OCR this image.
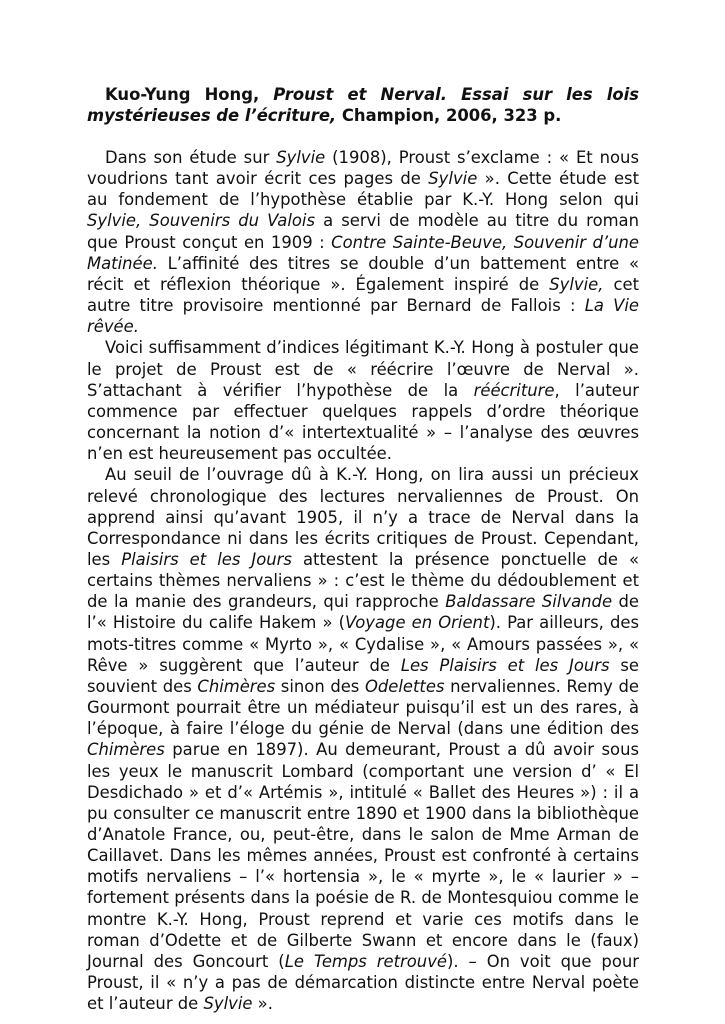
Kuo-Yung Hong, Proust et Nerval. Essai sur les lois mystérieuses de l’écriture, Champion, 2006, 323 p.

Dans son étude sur Sylvie (1908), Proust s’exclame : « Et nous voudrions tant avoir écrit ces pages de Sylvie ». Cette étude est au fondement de l’hypothèse établie par K.-Y. Hong selon qui Sylvie, Souvenirs du Valois a servi de modèle au titre du roman que Proust conçut en 1909 : Contre Sainte-Beuve, Souvenir d’une Matinée. L’affinité des titres se double d’un battement entre « récit et réflexion théorique ». Également inspiré de Sylvie, cet autre titre provisoire mentionné par Bernard de Fallois : La Vie rêvée.

Voici suffisamment d’indices légitimant K.-Y. Hong à postuler que le projet de Proust est de « réécrire l’œuvre de Nerval ». S’attachant à vérifier l’hypothèse de la réécriture, l’auteur commence par effectuer quelques rappels d’ordre théorique concernant la notion d’« intertextualité » – l’analyse des œuvres n’en est heureusement pas occultée.

Au seuil de l’ouvrage dû à K.-Y. Hong, on lira aussi un précieux relevé chronologique des lectures nervaliennes de Proust. On apprend ainsi qu’avant 1905, il n’y a trace de Nerval dans la Correspondance ni dans les écrits critiques de Proust. Cependant, les Plaisirs et les Jours attestent la présence ponctuelle de « certains thèmes nervaliens » : c’est le thème du dédoublement et de la manie des grandeurs, qui rapproche Baldassare Silvande de l’« Histoire du calife Hakem » (Voyage en Orient). Par ailleurs, des mots-titres comme « Myrto », « Cydalise », « Amours passées », « Rêve » suggèrent que l’auteur de Les Plaisirs et les Jours se souvient des Chimères sinon des Odelettes nervaliennes. Remy de Gourmont pourrait être un médiateur puisqu’il est un des rares, à l’époque, à faire l’éloge du génie de Nerval (dans une édition des Chimères parue en 1897). Au demeurant, Proust a dû avoir sous les yeux le manuscrit Lombard (comportant une version d’ « El Desdichado » et d’« Artémis », intitulé « Ballet des Heures ») : il a pu consulter ce manuscrit entre 1890 et 1900 dans la bibliothèque d’Anatole France, ou, peut-être, dans le salon de Mme Arman de Caillavet. Dans les mêmes années, Proust est confronté à certains motifs nervaliens – l’« hortensia », le « myrte », le « laurier » – fortement présents dans la poésie de R. de Montesquiou comme le montre K.-Y. Hong, Proust reprend et varie ces motifs dans le roman d’Odette et de Gilberte Swann et encore dans le (faux) Journal des Goncourt (Le Temps retrouvé). – On voit que pour Proust, il « n’y a pas de démarcation distincte entre Nerval poète et l’auteur de Sylvie ».
